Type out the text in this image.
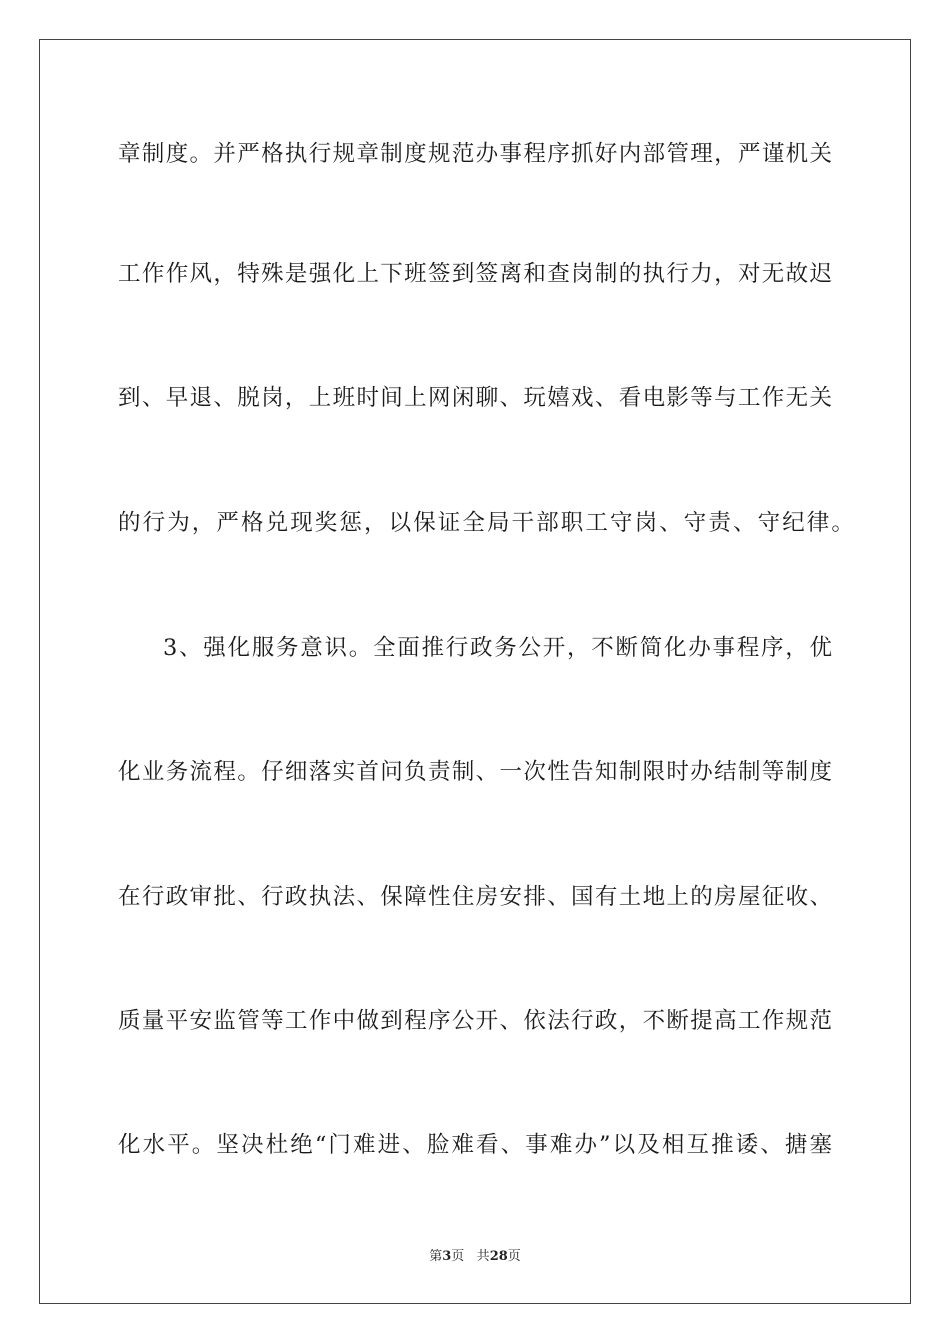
章制度。并严格执行规章制度规范办事程序抓好内部管理，严谨机关
工作作风，特殊是强化上下班签到签离和查岗制的执行力，对无故迟
到、早退、脱岗，上班时间上网闲聊、玩嬉戏、看电影等与工作无关
的行为，严格兑现奖惩，以保证全局干部职工守岗、守责、守纪律。
3、强化服务意识。全面推行政务公开，不断简化办事程序，优
化业务流程。仔细落实首问负责制、一次性告知制限时办结制等制度
在行政审批、行政执法、保障性住房安排、国有土地上的房屋征收、
质量平安监管等工作中做到程序公开、依法行政，不断提高工作规范
化水平。坚决杜绝“门难进、脸难看、事难办”以及相互推诿、搪塞
第3页 共28页
